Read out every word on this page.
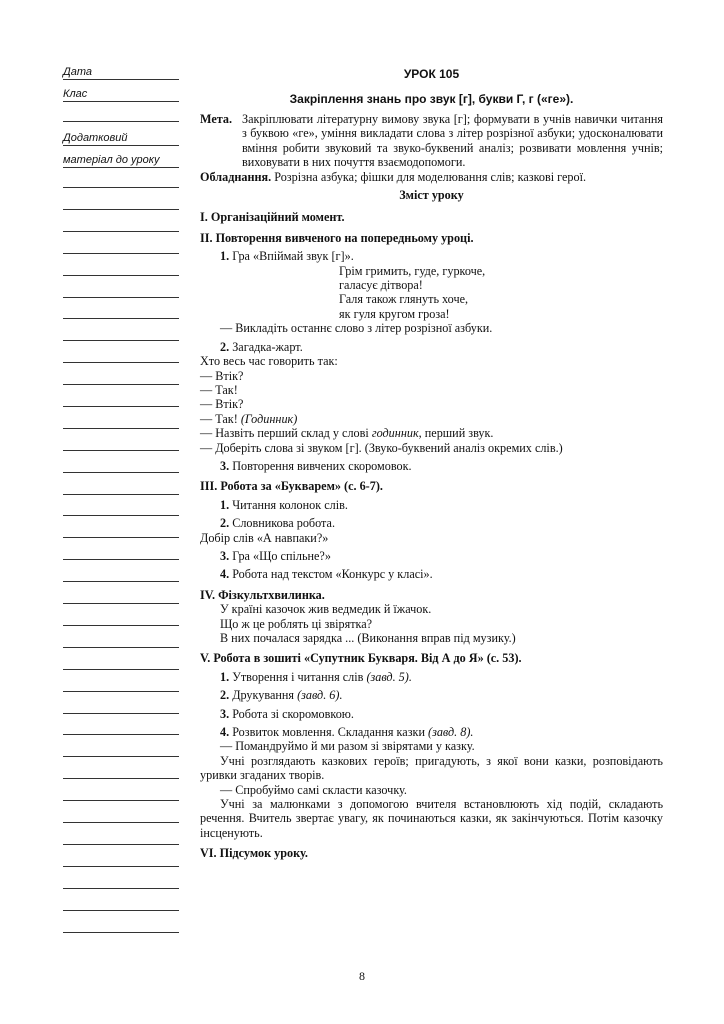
Дата
Клас
Додатковий
матеріал до уроку
УРОК 105
Закріплення знань про звук [г], букви Г, г («ге»).
Мета. Закріплювати літературну вимову звука [г]; формувати в учнів навички читання з буквою «ге», уміння викладати слова з літер розрізної азбуки; удосконалювати вміння робити звуковий та звуко-буквений аналіз; розвивати мовлення учнів; виховувати в них почуття взаємодопомоги.
Обладнання. Розрізна азбука; фішки для моделювання слів; казкові герої.
Зміст уроку
I. Організаційний момент.
II. Повторення вивченого на попередньому уроці.
1. Гра «Впіймай звук [г]».
Грім гримить, гуде, гуркоче,
галасує дітвора!
Галя також глянуть хоче,
як гуля кругом гроза!
— Викладіть останнє слово з літер розрізної азбуки.
2. Загадка-жарт.
Хто весь час говорить так:
— Втік?
— Так!
— Втік?
— Так! (Годинник)
— Назвіть перший склад у слові годинник, перший звук.
— Доберіть слова зі звуком [г]. (Звуко-буквений аналіз окремих слів.)
3. Повторення вивчених скоромовок.
III. Робота за «Букварем» (с. 6-7).
1. Читання колонок слів.
2. Словникова робота.
Добір слів «А навпаки?»
3. Гра «Що спільне?»
4. Робота над текстом «Конкурс у класі».
IV. Фізкультхвилинка.
У країні казочок жив ведмедик й їжачок.
Що ж це роблять ці звірятка?
В них почалася зарядка ... (Виконання вправ під музику.)
V. Робота в зошиті «Супутник Букваря. Від А до Я» (с. 53).
1. Утворення і читання слів (завд. 5).
2. Друкування (завд. 6).
3. Робота зі скоромовкою.
4. Розвиток мовлення. Складання казки (завд. 8).
— Помандруймо й ми разом зі звірятами у казку.
Учні розглядають казкових героїв; пригадують, з якої вони казки, розповідають уривки згаданих творів.
— Спробуймо самі скласти казочку.
Учні за малюнками з допомогою вчителя встановлюють хід подій, складають речення. Вчитель звертає увагу, як починаються казки, як закінчуються. Потім казочку інсценують.
VI. Підсумок уроку.
8
